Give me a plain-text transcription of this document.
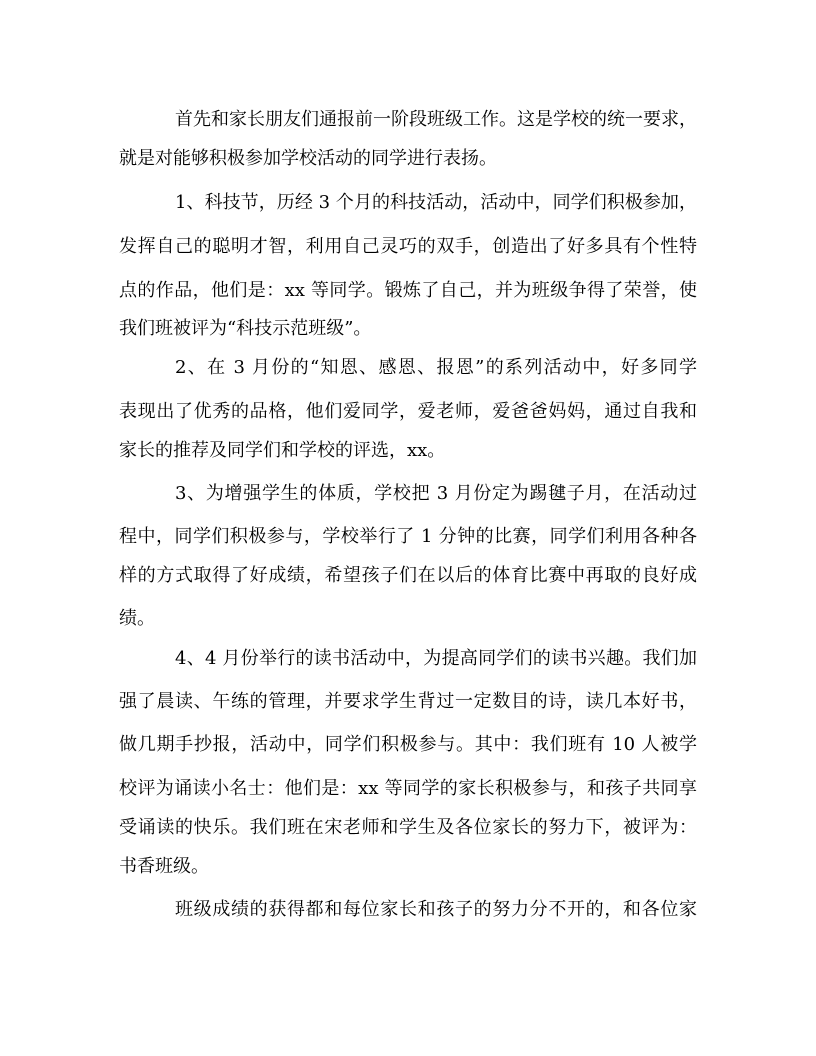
首先和家长朋友们通报前一阶段班级工作。这是学校的统一要求，
就是对能够积极参加学校活动的同学进行表扬。
1、科技节，历经 3 个月的科技活动，活动中，同学们积极参加，
发挥自己的聪明才智，利用自己灵巧的双手，创造出了好多具有个性特
点的作品，他们是：xx 等同学。锻炼了自己，并为班级争得了荣誉，使
我们班被评为“科技示范班级”。
2、在 3 月份的“知恩、感恩、报恩”的系列活动中，好多同学
表现出了优秀的品格，他们爱同学，爱老师，爱爸爸妈妈，通过自我和
家长的推荐及同学们和学校的评选，xx。
3、为增强学生的体质，学校把 3 月份定为踢毽子月，在活动过
程中，同学们积极参与，学校举行了 1 分钟的比赛，同学们利用各种各
样的方式取得了好成绩，希望孩子们在以后的体育比赛中再取的良好成
绩。
4、4 月份举行的读书活动中，为提高同学们的读书兴趣。我们加
强了晨读、午练的管理，并要求学生背过一定数目的诗，读几本好书，
做几期手抄报，活动中，同学们积极参与。其中：我们班有 10 人被学
校评为诵读小名士：他们是：xx 等同学的家长积极参与，和孩子共同享
受诵读的快乐。我们班在宋老师和学生及各位家长的努力下，被评为：
书香班级。
班级成绩的获得都和每位家长和孩子的努力分不开的，和各位家
